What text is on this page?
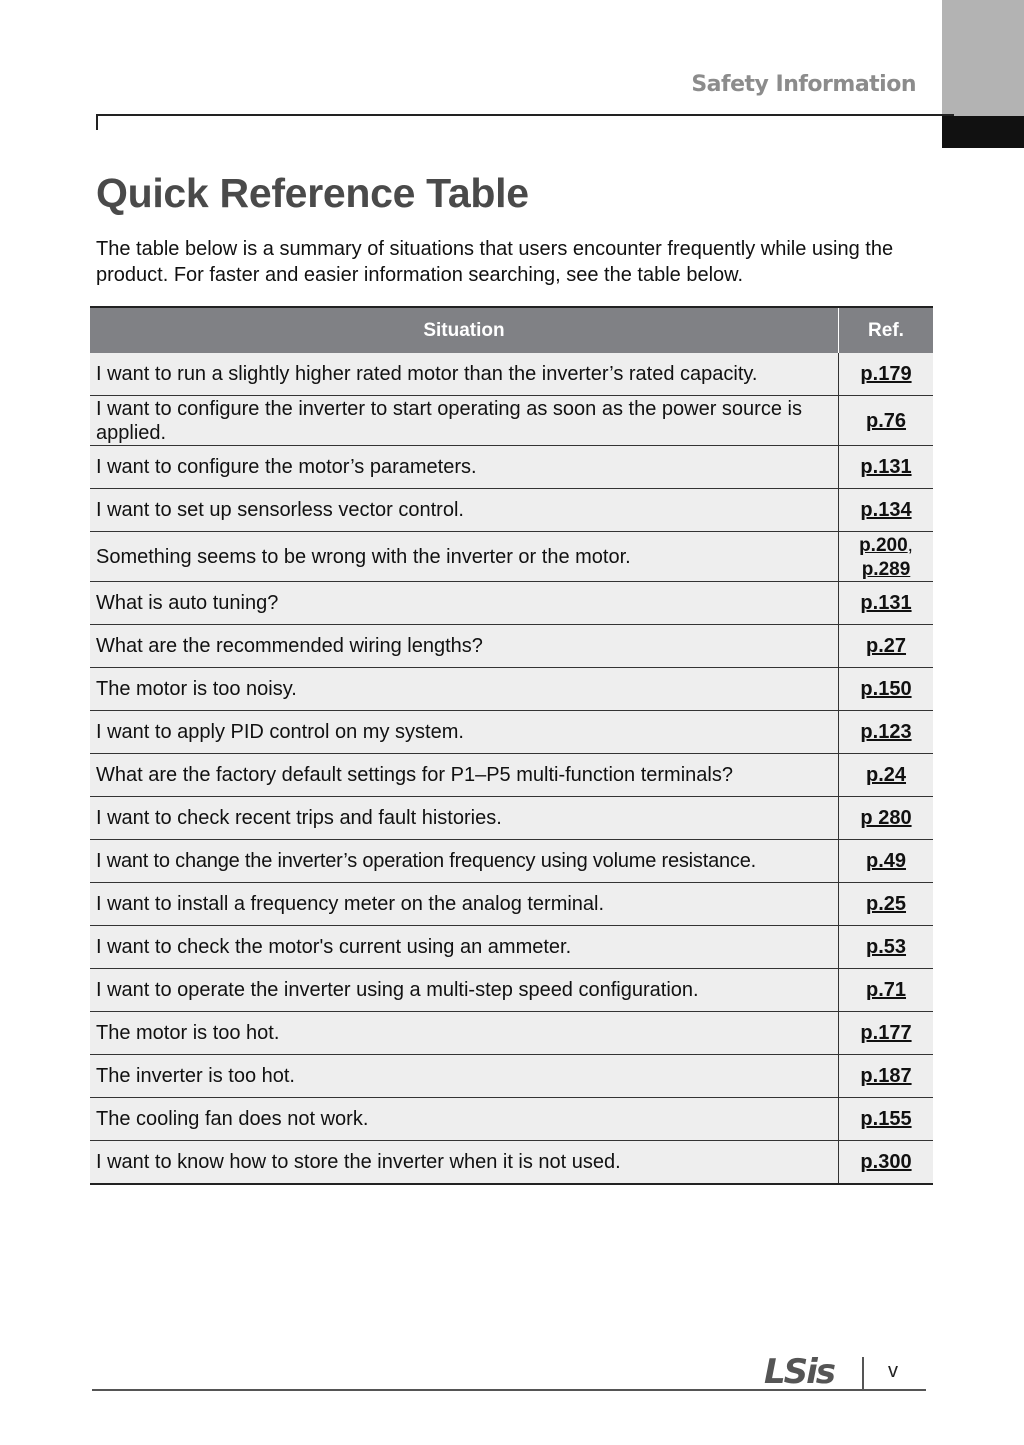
Safety Information
Quick Reference Table

The table below is a summary of situations that users encounter frequently while using the product. For faster and easier information searching, see the table below.

Situation	Ref.
I want to run a slightly higher rated motor than the inverter’s rated capacity.	p.179
I want to configure the inverter to start operating as soon as the power source is applied.	p.76
I want to configure the motor’s parameters.	p.131
I want to set up sensorless vector control.	p.134
Something seems to be wrong with the inverter or the motor.	p.200,
p.289
What is auto tuning?	p.131
What are the recommended wiring lengths?	p.27
The motor is too noisy.	p.150
I want to apply PID control on my system.	p.123
What are the factory default settings for P1–P5 multi-function terminals?	p.24
I want to check recent trips and fault histories.	p 280
I want to change the inverter’s operation frequency using volume resistance.	p.49
I want to install a frequency meter on the analog terminal.	p.25
I want to check the motor's current using an ammeter.	p.53
I want to operate the inverter using a multi-step speed configuration.	p.71
The motor is too hot.	p.177
The inverter is too hot.	p.187
The cooling fan does not work.	p.155
I want to know how to store the inverter when it is not used.	p.300
LSis	v
